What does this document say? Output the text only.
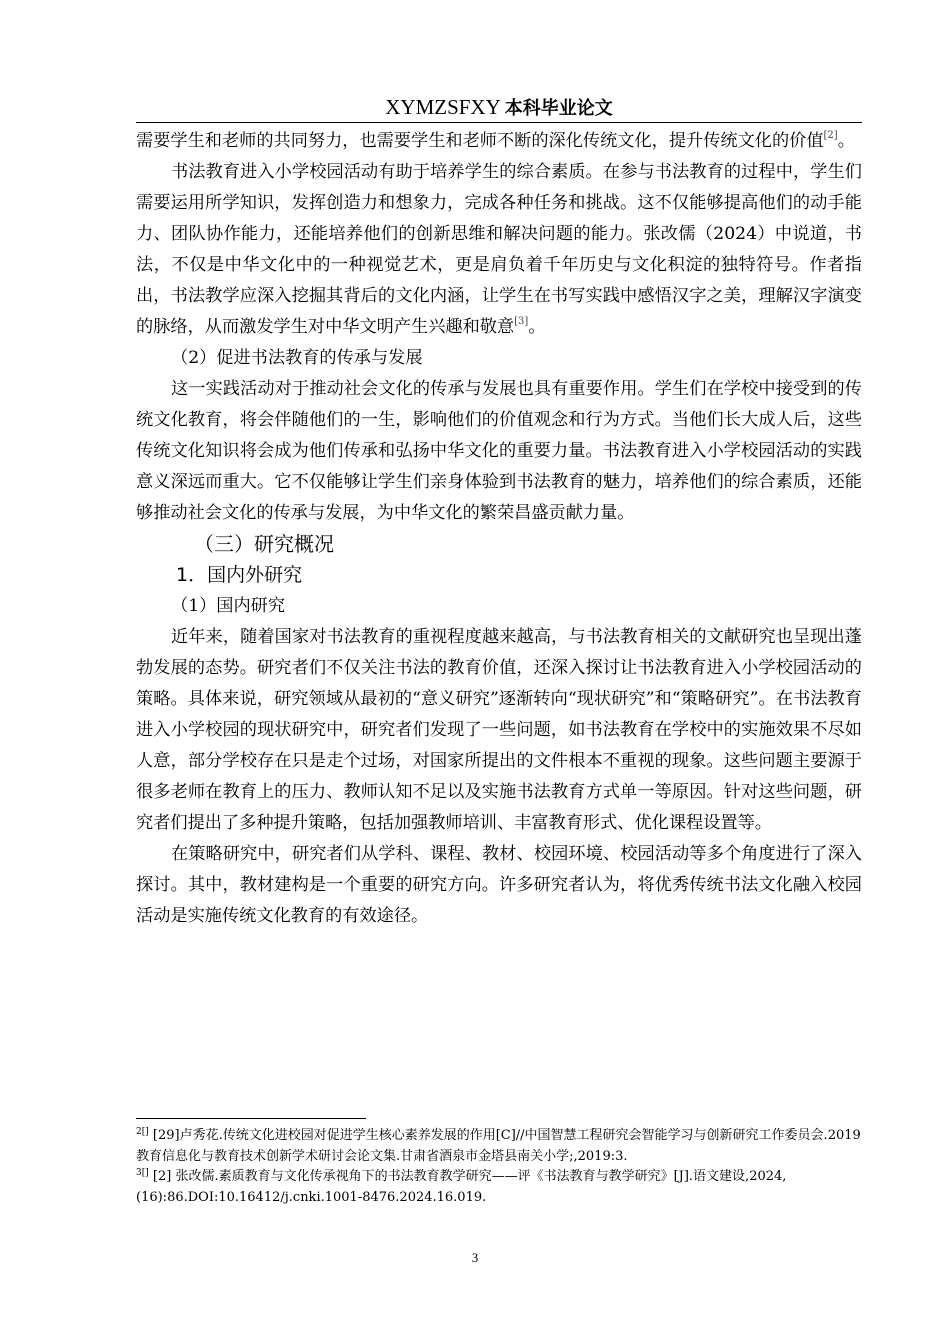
XYMZSFXY 本科毕业论文

需要学生和老师的共同努力，也需要学生和老师不断的深化传统文化，提升传统文化的价值[2]。

书法教育进入小学校园活动有助于培养学生的综合素质。在参与书法教育的过程中，学生们需要运用所学知识，发挥创造力和想象力，完成各种任务和挑战。这不仅能够提高他们的动手能力、团队协作能力，还能培养他们的创新思维和解决问题的能力。张改儒（2024）中说道，书法，不仅是中华文化中的一种视觉艺术，更是肩负着千年历史与文化积淀的独特符号。作者指出，书法教学应深入挖掘其背后的文化内涵，让学生在书写实践中感悟汉字之美，理解汉字演变的脉络，从而激发学生对中华文明产生兴趣和敬意[3]。

（2）促进书法教育的传承与发展

这一实践活动对于推动社会文化的传承与发展也具有重要作用。学生们在学校中接受到的传统文化教育，将会伴随他们的一生，影响他们的价值观念和行为方式。当他们长大成人后，这些传统文化知识将会成为他们传承和弘扬中华文化的重要力量。书法教育进入小学校园活动的实践意义深远而重大。它不仅能够让学生们亲身体验到书法教育的魅力，培养他们的综合素质，还能够推动社会文化的传承与发展，为中华文化的繁荣昌盛贡献力量。

（三）研究概况
1．国内外研究

（1）国内研究

近年来，随着国家对书法教育的重视程度越来越高，与书法教育相关的文献研究也呈现出蓬勃发展的态势。研究者们不仅关注书法的教育价值，还深入探讨让书法教育进入小学校园活动的策略。具体来说，研究领域从最初的“意义研究”逐渐转向“现状研究”和“策略研究”。在书法教育进入小学校园的现状研究中，研究者们发现了一些问题，如书法教育在学校中的实施效果不尽如人意，部分学校存在只是走个过场，对国家所提出的文件根本不重视的现象。这些问题主要源于很多老师在教育上的压力、教师认知不足以及实施书法教育方式单一等原因。针对这些问题，研究者们提出了多种提升策略，包括加强教师培训、丰富教育形式、优化课程设置等。

在策略研究中，研究者们从学科、课程、教材、校园环境、校园活动等多个角度进行了深入探讨。其中，教材建构是一个重要的研究方向。许多研究者认为，将优秀传统书法文化融入校园活动是实施传统文化教育的有效途径。

$^{2[]}$ [29]卢秀花.传统文化进校园对促进学生核心素养发展的作用[C]//中国智慧工程研究会智能学习与创新研究工作委员会.2019教育信息化与教育技术创新学术研讨会论文集.甘肃省酒泉市金塔县南关小学;,2019:3.

$^{3[]}$ [2] 张改儒.素质教育与文化传承视角下的书法教育教学研究——评《书法教育与教学研究》[J].语文建设,2024,(16):86.DOI:10.16412/j.cnki.1001-8476.2024.16.019.

3
